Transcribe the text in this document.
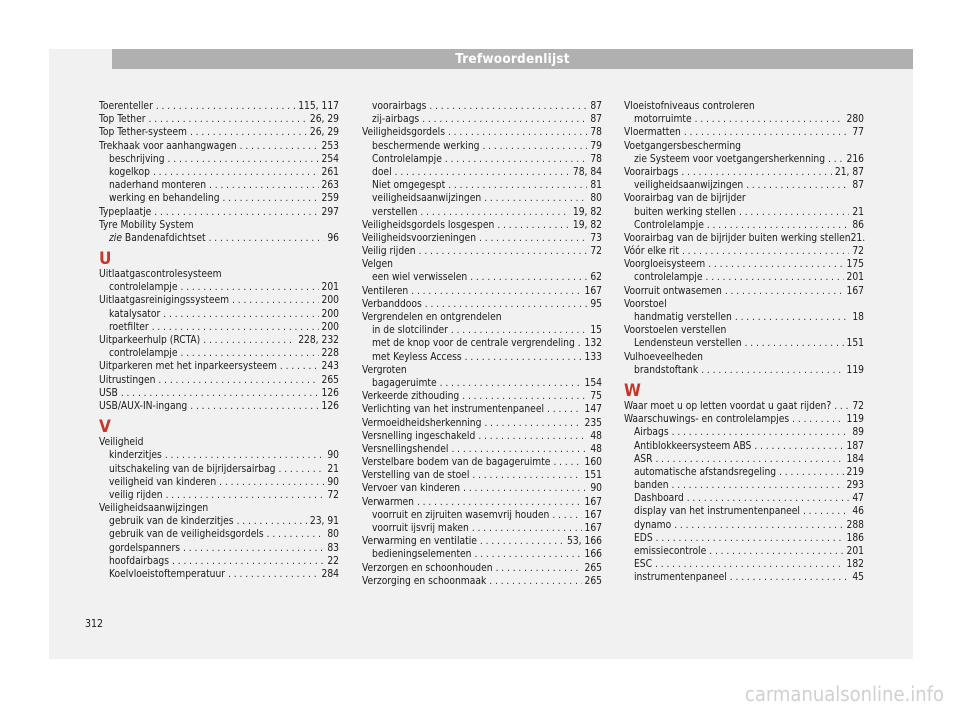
Trefwoordenlijst
Toerenteller . . .	115, 117
Top Tether . . .	26, 29
Top Tether-systeem . . .	26, 29
Trekhaak voor aanhangwagen . . .	253
beschrijving . . .	254
kogelkop . . .	261
naderhand monteren . . .	263
werking en behandeling . . .	259
Typeplaatje . . .	297
Tyre Mobility System
zie Bandenafdichtset . . .	96
U
Uitlaatgascontrolesysteem
controlelampje . . .	201
Uitlaatgasreinigingssysteem . . .	200
katalysator . . .	200
roetfilter . . .	200
Uitparkeerhulp (RCTA) . . .	228, 232
controlelampje . . .	228
Uitparkeren met het inparkeersysteem . . .	243
Uitrustingen . . .	265
USB . . .	126
USB/AUX-IN-ingang . . .	126
V
Veiligheid
kinderzitjes . . .	90
uitschakeling van de bijrijdersairbag . . .	21
veiligheid van kinderen . . .	90
veilig rijden . . .	72
Veiligheidsaanwijzingen
gebruik van de kinderzitjes . . .	23, 91
gebruik van de veiligheidsgordels . . .	80
gordelspanners . . .	83
hoofdairbags . . .	22
Koelvloeistoftemperatuur . . .	284
voorairbags . . .	87
zij-airbags . . .	87
Veiligheidsgordels . . .	78
beschermende werking . . .	79
Controlelampje . . .	78
doel . . .	78, 84
Niet omgegespt . . .	81
veiligheidsaanwijzingen . . .	80
verstellen . . .	19, 82
Veiligheidsgordels losgespen . . .	19, 82
Veiligheidsvoorzieningen . . .	73
Veilig rijden . . .	72
Velgen
een wiel verwisselen . . .	62
Ventileren . . .	167
Verbanddoos . . .	95
Vergrendelen en ontgrendelen
in de slotcilinder . . .	15
met de knop voor de centrale vergrendeling . . . 132
met Keyless Access . . .	133
Vergroten
bagageruimte . . .	154
Verkeerde zithouding . . .	75
Verlichting van het instrumentenpaneel . . .	147
Vermoeidheidsherkenning . . .	235
Versnelling ingeschakeld . . .	48
Versnellingshendel . . .	48
Verstelbare bodem van de bagageruimte . . .	160
Verstelling van de stoel . . .	151
Vervoer van kinderen . . .	90
Verwarmen . . .	167
voorruit en zijruiten wasemvrij houden . . .	167
voorruit ijsvrij maken . . .	167
Verwarming en ventilatie . . .	53, 166
bedieningselementen . . .	166
Verzorgen en schoonhouden . . .	265
Verzorging en schoonmaak . . .	265
Vloeistofniveaus controleren
motorruimte . . .	280
Vloermatten . . .	77
Voetgangersbescherming
zie Systeem voor voetgangersherkenning . . . 216
Voorairbags . . .	21, 87
veiligheidsaanwijzingen . . .	87
Voorairbag van de bijrijder
buiten werking stellen . . .	21
Controlelampje . . .	86
Voorairbag van de bijrijder buiten werking stellen 21.
Vóór elke rit . . .	72
Voorgloeisysteem . . .	175
controlelampje . . .	201
Voorruit ontwasemen . . .	167
Voorstoel
handmatig verstellen . . .	18
Voorstoelen verstellen
Lendensteun verstellen . . .	151
Vulhoeveelheden
brandstoftank . . .	119
W
Waar moet u op letten voordat u gaat rijden? . . . 72
Waarschuwings- en controlelampjes . . .	119
Airbags . . .	89
Antiblokkeersysteem ABS . . .	187
ASR . . .	184
automatische afstandsregeling . . .	219
banden . . .	293
Dashboard . . .	47
display van het instrumentenpaneel . . .	46
dynamo . . .	288
EDS . . .	186
emissiecontrole . . .	201
ESC . . .	182
instrumentenpaneel . . .	45
312
carmanualsonline.info
